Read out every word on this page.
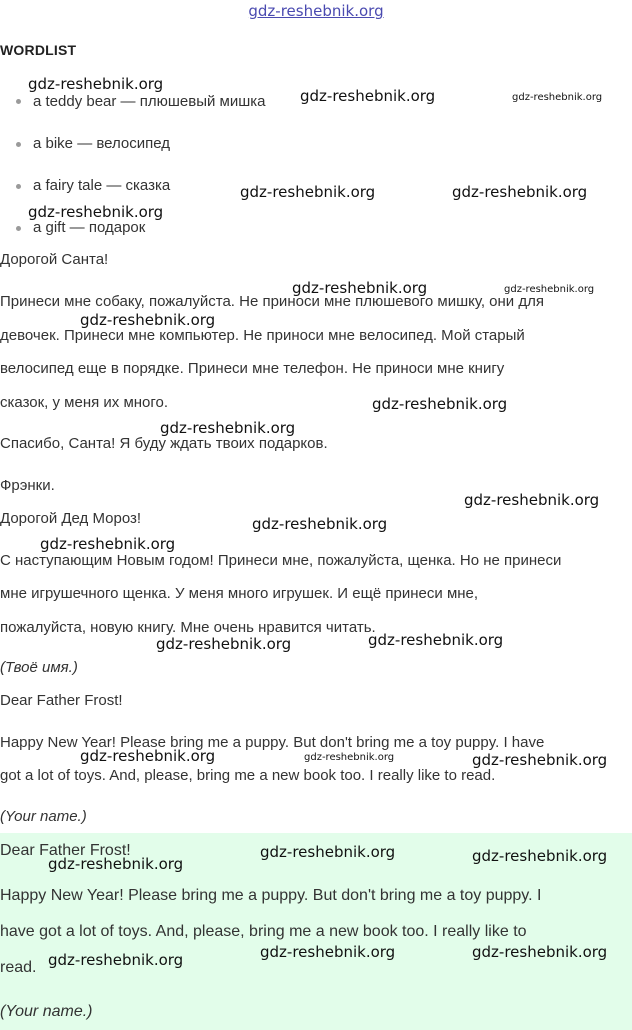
gdz-reshebnik.org
WORDLIST
a teddy bear — плюшевый мишка
a bike — велосипед
a fairy tale — сказка
a gift — подарок
Дорогой Санта!
Принеси мне собаку, пожалуйста. Не приноси мне плюшевого мишку, они для
девочек. Принеси мне компьютер. Не приноси мне велосипед. Мой старый
велосипед еще в порядке. Принеси мне телефон. Не приноси мне книгу
сказок, у меня их много.
Спасибо, Санта! Я буду ждать твоих подарков.
Фрэнки.
Дорогой Дед Мороз!
С наступающим Новым годом! Принеси мне, пожалуйста, щенка. Но не принеси
мне игрушечного щенка. У меня много игрушек. И ещё принеси мне,
пожалуйста, новую книгу. Мне очень нравится читать.
(Твоё имя.)
Dear Father Frost!
Happy New Year! Please bring me a puppy. But don't bring me a toy puppy. I have
got a lot of toys. And, please, bring me a new book too. I really like to read.
(Your name.)
Dear Father Frost!
Happy New Year! Please bring me a puppy. But don't bring me a toy puppy. I
have got a lot of toys. And, please, bring me a new book too. I really like to
read.
(Your name.)
gdz-reshebnik.org
gdz-reshebnik.org	gdz-reshebnik.org
gdz-reshebnik.org	gdz-reshebnik.org
gdz-reshebnik.org
gdz-reshebnik.org	gdz-reshebnik.org
gdz-reshebnik.org
gdz-reshebnik.org
gdz-reshebnik.org
gdz-reshebnik.org
gdz-reshebnik.org
gdz-reshebnik.org
gdz-reshebnik.org
gdz-reshebnik.org
gdz-reshebnik.org	gdz-reshebnik.org	gdz-reshebnik.org
gdz-reshebnik.org	gdz-reshebnik.org
gdz-reshebnik.org
gdz-reshebnik.org	gdz-reshebnik.org
gdz-reshebnik.org
